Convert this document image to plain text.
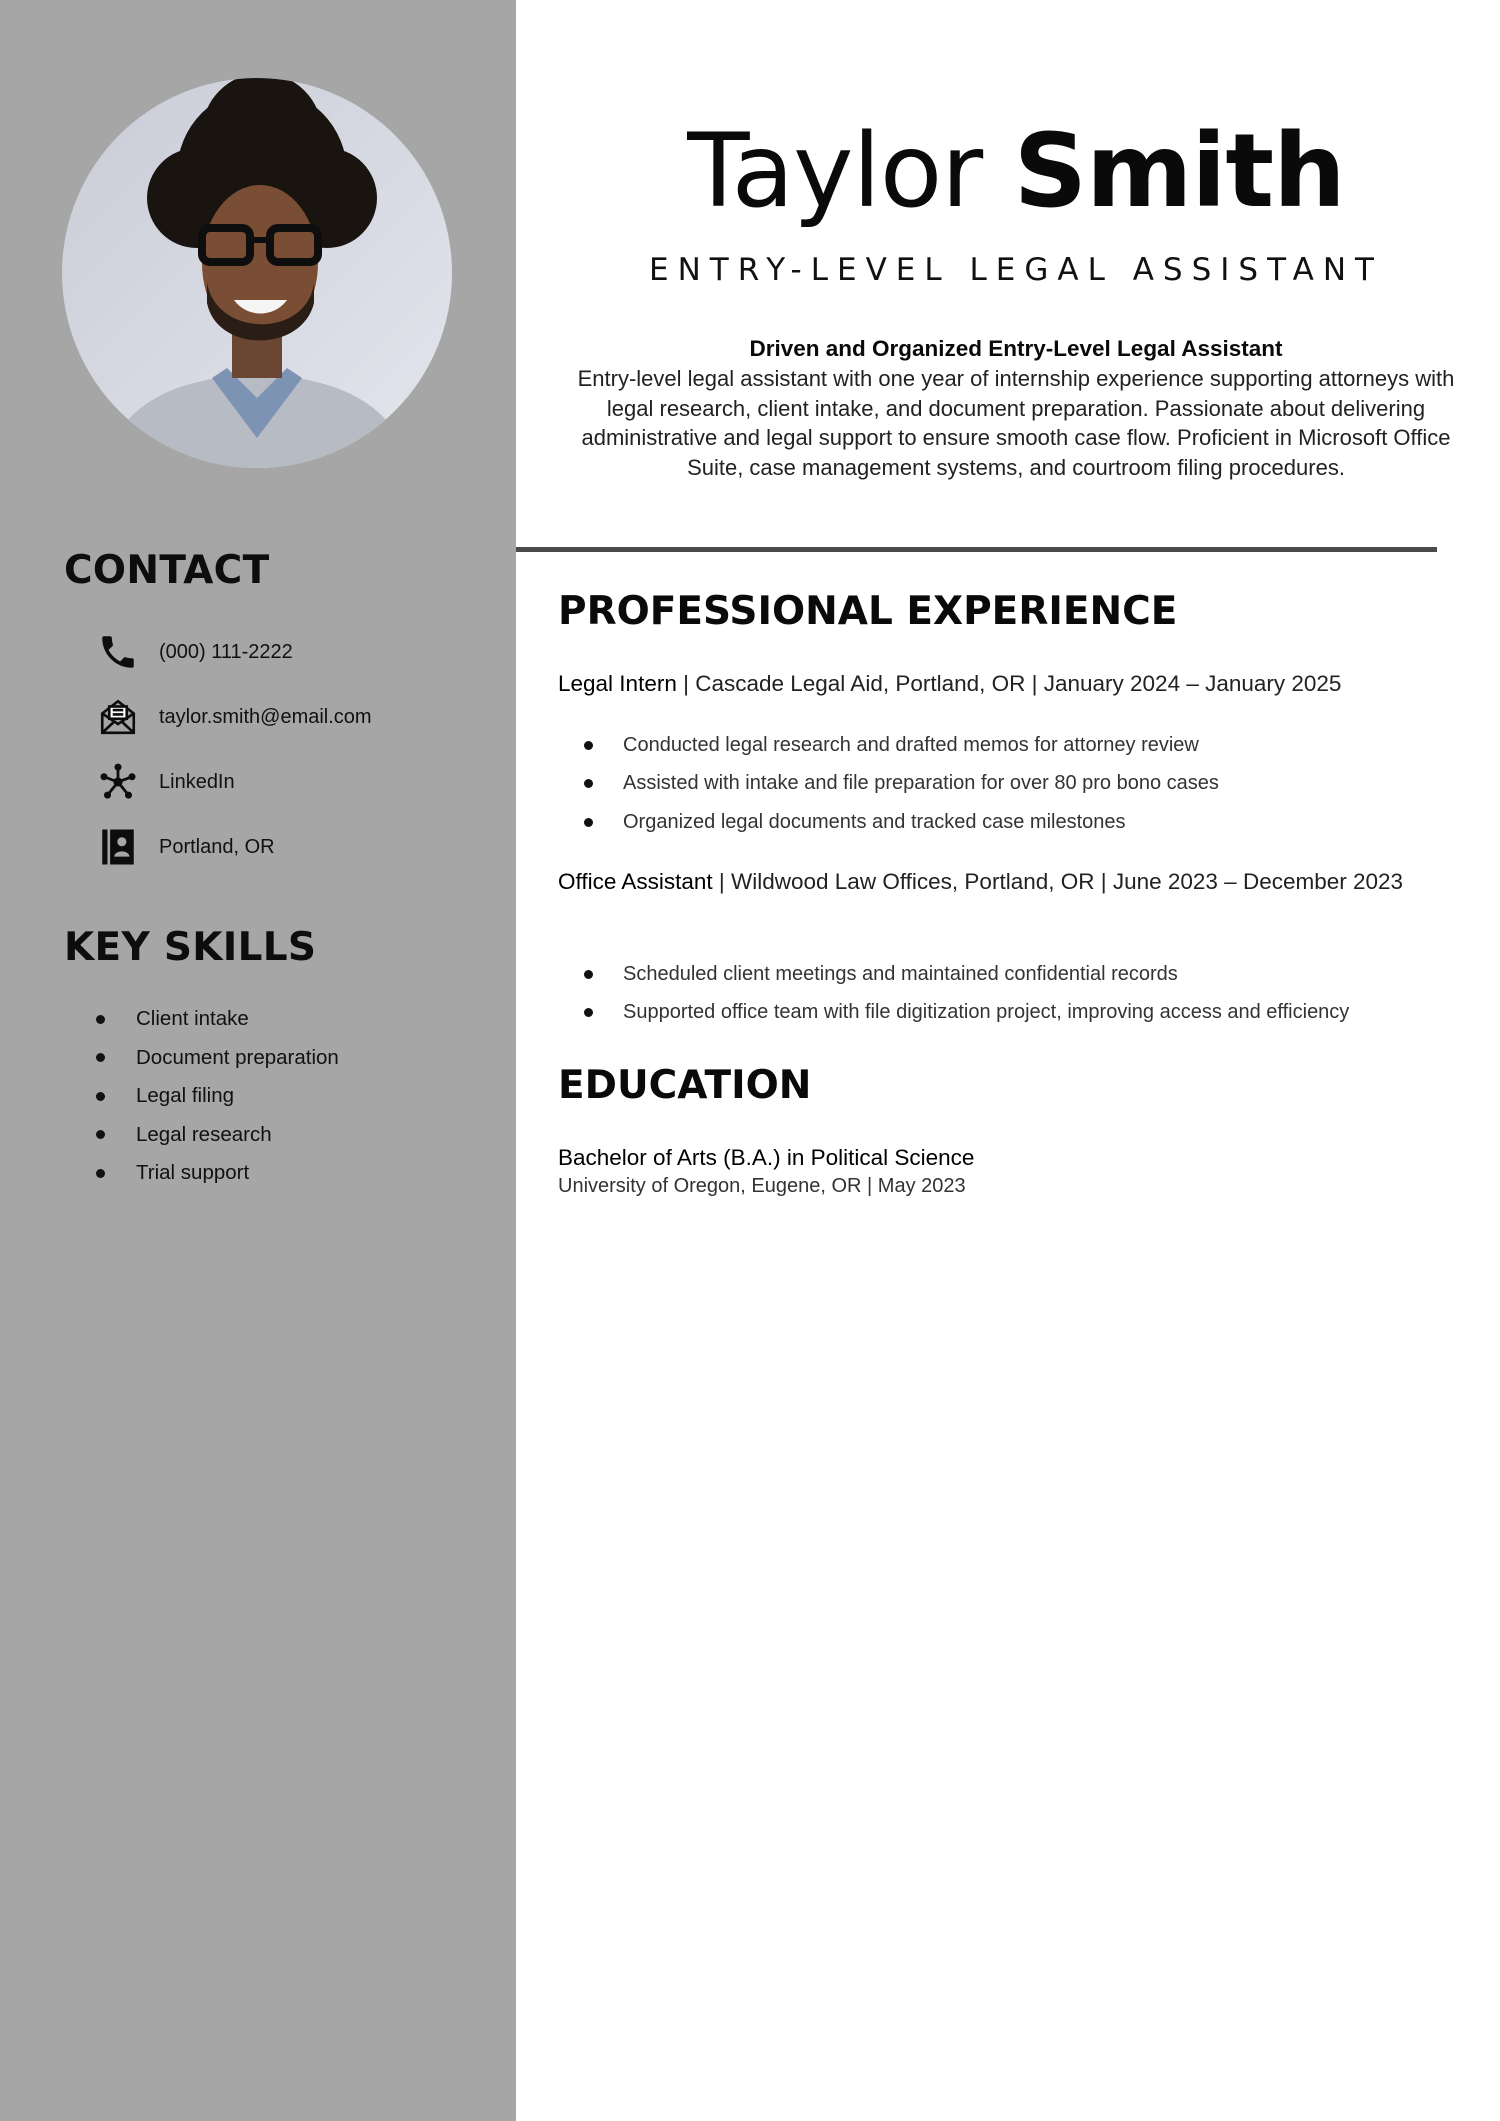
CONTACT
(000) 111-2222
taylor.smith@email.com
LinkedIn
Portland, OR
KEY SKILLS
Client intake
Document preparation
Legal filing
Legal research
Trial support
Taylor Smith
ENTRY-LEVEL LEGAL ASSISTANT
Driven and Organized Entry-Level Legal Assistant
Entry-level legal assistant with one year of internship experience supporting attorneys with legal research, client intake, and document preparation. Passionate about delivering administrative and legal support to ensure smooth case flow. Proficient in Microsoft Office Suite, case management systems, and courtroom filing procedures.
PROFESSIONAL EXPERIENCE
Legal Intern | Cascade Legal Aid, Portland, OR | January 2024 – January 2025
Conducted legal research and drafted memos for attorney review
Assisted with intake and file preparation for over 80 pro bono cases
Organized legal documents and tracked case milestones
Office Assistant | Wildwood Law Offices, Portland, OR | June 2023 – December 2023
Scheduled client meetings and maintained confidential records
Supported office team with file digitization project, improving access and efficiency
EDUCATION
Bachelor of Arts (B.A.) in Political Science
University of Oregon, Eugene, OR | May 2023
